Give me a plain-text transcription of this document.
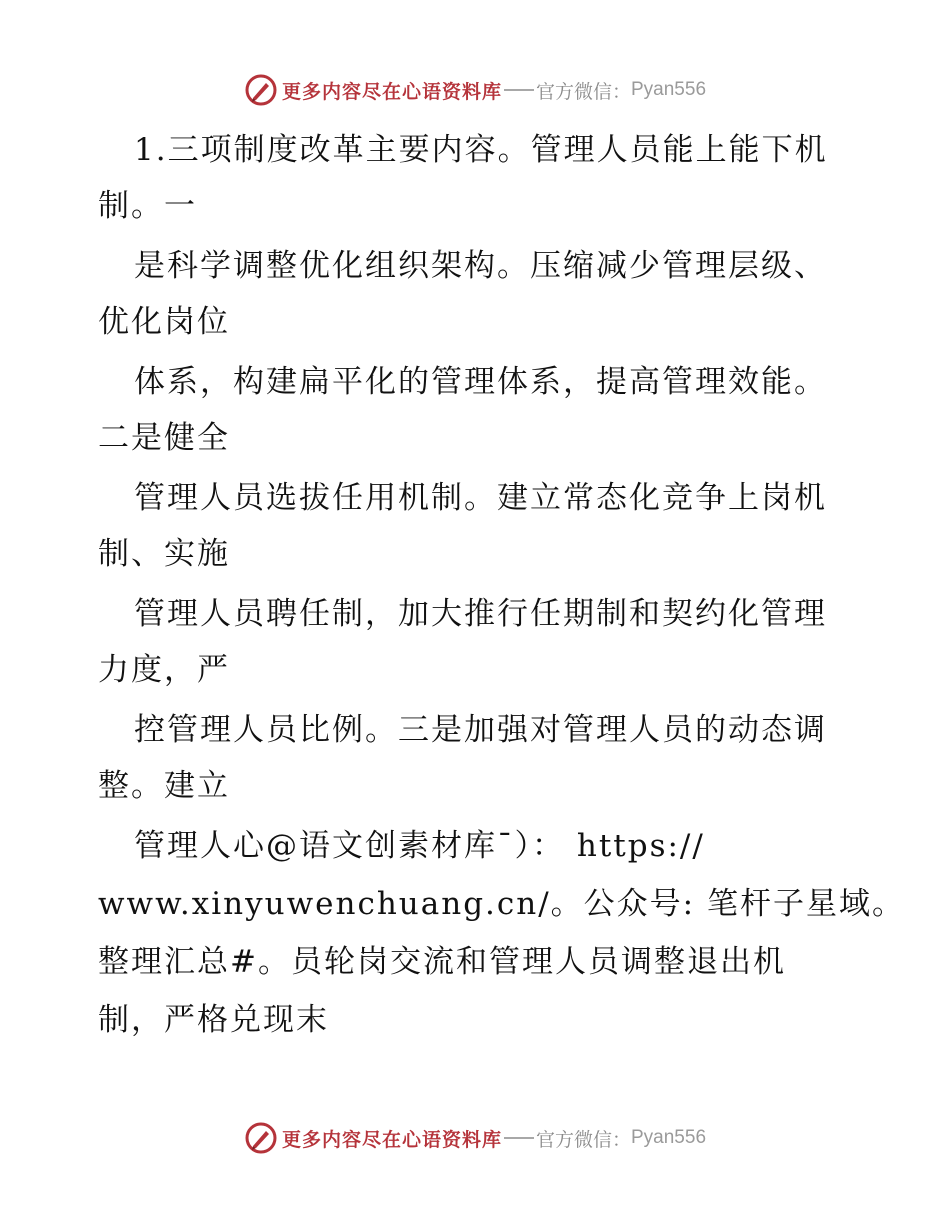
更多内容尽在心语资料库 官方微信： Pyan556
1.三项制度改革主要内容。管理人员能上能下机
制。一
是科学调整优化组织架构。压缩减少管理层级、
优化岗位
体系，构建扁平化的管理体系，提高管理效能。
二是健全
管理人员选拔任用机制。建立常态化竞争上岗机
制、实施
管理人员聘任制，加大推行任期制和契约化管理
力度，严
控管理人员比例。三是加强对管理人员的动态调
整。建立
管理人心@语文创素材库¯）： https://
www.xinyuwenchuang.cn/。公众号: 笔杆子星域。
整理汇总#。员轮岗交流和管理人员调整退出机
制，严格兑现末
更多内容尽在心语资料库 官方微信： Pyan556
